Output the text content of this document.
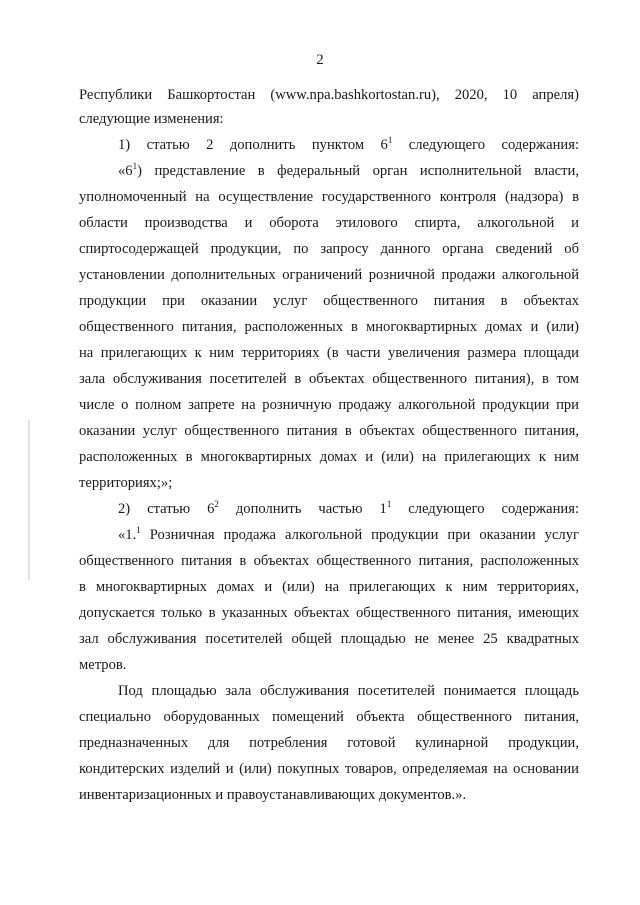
2
Республики Башкортостан (www.npa.bashkortostan.ru), 2020, 10 апреля)
следующие изменения:
1) статью 2 дополнить пунктом $6^1$ следующего содержания:
«$6^1$) представление в федеральный орган исполнительной власти,
уполномоченный на осуществление государственного контроля (надзора) в
области производства и оборота этилового спирта, алкогольной и
спиртосодержащей продукции, по запросу данного органа сведений об
установлении дополнительных ограничений розничной продажи алкогольной
продукции при оказании услуг общественного питания в объектах
общественного питания, расположенных в многоквартирных домах и (или)
на прилегающих к ним территориях (в части увеличения размера площади
зала обслуживания посетителей в объектах общественного питания), в том
числе о полном запрете на розничную продажу алкогольной продукции при
оказании услуг общественного питания в объектах общественного питания,
расположенных в многоквартирных домах и (или) на прилегающих к ним
территориях;»;
2) статью $6^2$ дополнить частью $1^1$ следующего содержания:
«1.$^1$ Розничная продажа алкогольной продукции при оказании услуг
общественного питания в объектах общественного питания, расположенных
в многоквартирных домах и (или) на прилегающих к ним территориях,
допускается только в указанных объектах общественного питания, имеющих
зал обслуживания посетителей общей площадью не менее 25 квадратных
метров.
Под площадью зала обслуживания посетителей понимается площадь
специально оборудованных помещений объекта общественного питания,
предназначенных для потребления готовой кулинарной продукции,
кондитерских изделий и (или) покупных товаров, определяемая на основании
инвентаризационных и правоустанавливающих документов.».
